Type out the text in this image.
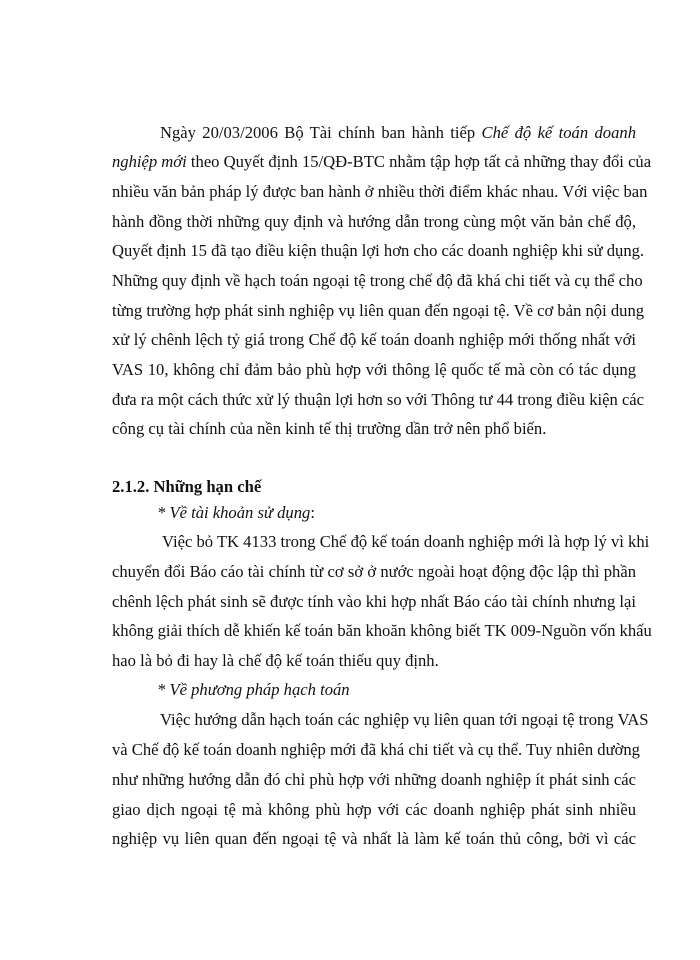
Ngày 20/03/2006 Bộ Tài chính ban hành tiếp Chế độ kế toán doanh
nghiệp mới theo Quyết định 15/QĐ-BTC nhằm tập hợp tất cả những thay đổi của
nhiều văn bản pháp lý được ban hành ở nhiều thời điểm khác nhau. Với việc ban
hành đồng thời những quy định và hướng dẫn trong cùng một văn bản chế độ,
Quyết định 15 đã tạo điều kiện thuận lợi hơn cho các doanh nghiệp khi sử dụng.
Những quy định về hạch toán ngoại tệ trong chế độ đã khá chi tiết và cụ thể cho
từng trường hợp phát sinh nghiệp vụ liên quan đến ngoại tệ. Về cơ bản nội dung
xử lý chênh lệch tỷ giá trong Chế độ kế toán doanh nghiệp mới thống nhất với
VAS 10, không chỉ đảm bảo phù hợp với thông lệ quốc tế mà còn có tác dụng
đưa ra một cách thức xử lý thuận lợi hơn so với Thông tư 44 trong điều kiện các
công cụ tài chính của nền kinh tế thị trường dần trở nên phổ biến.
2.1.2. Những hạn chế
* Về tài khoản sử dụng:
Việc bỏ TK 4133 trong Chế độ kế toán doanh nghiệp mới là hợp lý vì khi
chuyển đổi Báo cáo tài chính từ cơ sở ở nước ngoài hoạt động độc lập thì phần
chênh lệch phát sinh sẽ được tính vào khi hợp nhất Báo cáo tài chính nhưng lại
không giải thích dễ khiến kế toán băn khoăn không biết TK 009-Nguồn vốn khấu
hao là bỏ đi hay là chế độ kế toán thiếu quy định.
* Về phương pháp hạch toán
Việc hướng dẫn hạch toán các nghiệp vụ liên quan tới ngoại tệ trong VAS
và Chế độ kế toán doanh nghiệp mới đã khá chi tiết và cụ thể. Tuy nhiên dường
như những hướng dẫn đó chỉ phù hợp với những doanh nghiệp ít phát sinh các
giao dịch ngoại tệ mà không phù hợp với các doanh nghiệp phát sinh nhiều
nghiệp vụ liên quan đến ngoại tệ và nhất là làm kế toán thủ công, bởi vì các
